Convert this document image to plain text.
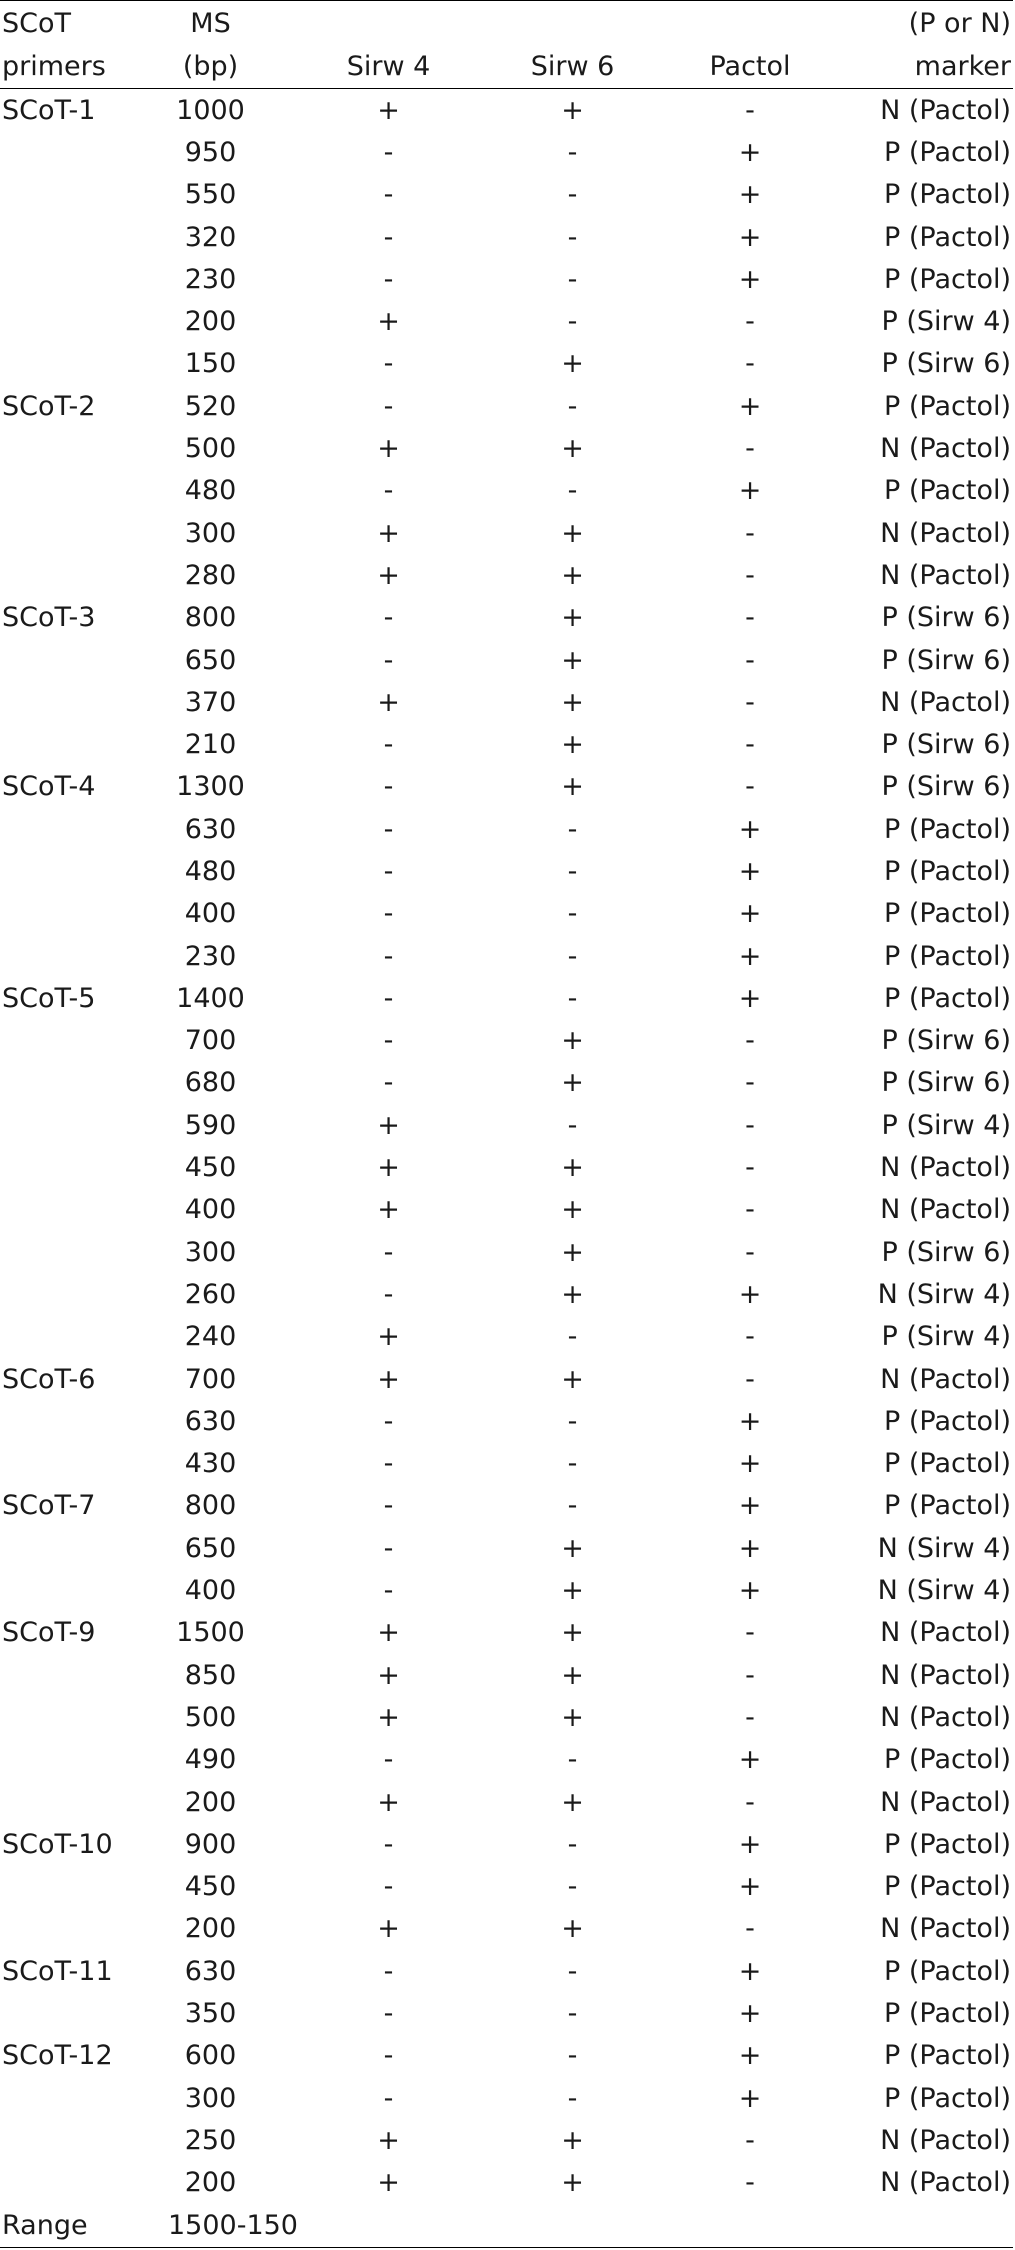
SCoT	MS				(P or N)
primers	(bp)	Sirw 4	Sirw 6	Pactol	marker
SCoT-1	1000	+	+	-	N (Pactol)
	950	-	-	+	P (Pactol)
	550	-	-	+	P (Pactol)
	320	-	-	+	P (Pactol)
	230	-	-	+	P (Pactol)
	200	+	-	-	P (Sirw 4)
	150	-	+	-	P (Sirw 6)
SCoT-2	520	-	-	+	P (Pactol)
	500	+	+	-	N (Pactol)
	480	-	-	+	P (Pactol)
	300	+	+	-	N (Pactol)
	280	+	+	-	N (Pactol)
SCoT-3	800	-	+	-	P (Sirw 6)
	650	-	+	-	P (Sirw 6)
	370	+	+	-	N (Pactol)
	210	-	+	-	P (Sirw 6)
SCoT-4	1300	-	+	-	P (Sirw 6)
	630	-	-	+	P (Pactol)
	480	-	-	+	P (Pactol)
	400	-	-	+	P (Pactol)
	230	-	-	+	P (Pactol)
SCoT-5	1400	-	-	+	P (Pactol)
	700	-	+	-	P (Sirw 6)
	680	-	+	-	P (Sirw 6)
	590	+	-	-	P (Sirw 4)
	450	+	+	-	N (Pactol)
	400	+	+	-	N (Pactol)
	300	-	+	-	P (Sirw 6)
	260	-	+	+	N (Sirw 4)
	240	+	-	-	P (Sirw 4)
SCoT-6	700	+	+	-	N (Pactol)
	630	-	-	+	P (Pactol)
	430	-	-	+	P (Pactol)
SCoT-7	800	-	-	+	P (Pactol)
	650	-	+	+	N (Sirw 4)
	400	-	+	+	N (Sirw 4)
SCoT-9	1500	+	+	-	N (Pactol)
	850	+	+	-	N (Pactol)
	500	+	+	-	N (Pactol)
	490	-	-	+	P (Pactol)
	200	+	+	-	N (Pactol)
SCoT-10	900	-	-	+	P (Pactol)
	450	-	-	+	P (Pactol)
	200	+	+	-	N (Pactol)
SCoT-11	630	-	-	+	P (Pactol)
	350	-	-	+	P (Pactol)
SCoT-12	600	-	-	+	P (Pactol)
	300	-	-	+	P (Pactol)
	250	+	+	-	N (Pactol)
	200	+	+	-	N (Pactol)
Range	1500-150				
